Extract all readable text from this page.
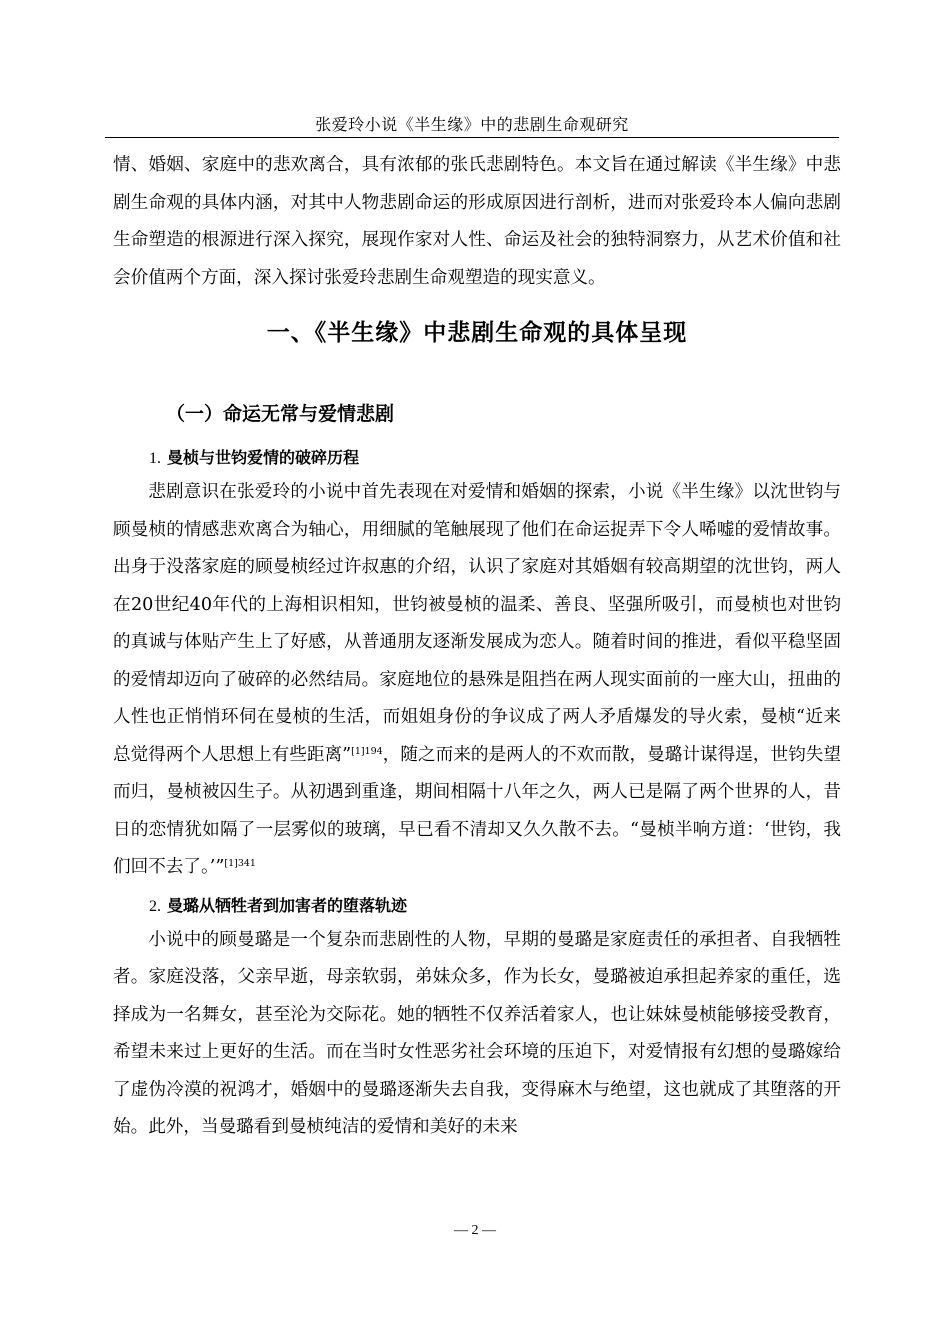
张爱玲小说《半生缘》中的悲剧生命观研究

情、婚姻、家庭中的悲欢离合，具有浓郁的张氏悲剧特色。本文旨在通过解读《半生缘》中悲剧生命观的具体内涵，对其中人物悲剧命运的形成原因进行剖析，进而对张爱玲本人偏向悲剧生命塑造的根源进行深入探究，展现作家对人性、命运及社会的独特洞察力，从艺术价值和社会价值两个方面，深入探讨张爱玲悲剧生命观塑造的现实意义。

一、《半生缘》中悲剧生命观的具体呈现
（一）命运无常与爱情悲剧
1. 曼桢与世钧爱情的破碎历程

悲剧意识在张爱玲的小说中首先表现在对爱情和婚姻的探索，小说《半生缘》以沈世钧与顾曼桢的情感悲欢离合为轴心，用细腻的笔触展现了他们在命运捉弄下令人唏嘘的爱情故事。出身于没落家庭的顾曼桢经过许叔惠的介绍，认识了家庭对其婚姻有较高期望的沈世钧，两人在20世纪40年代的上海相识相知，世钧被曼桢的温柔、善良、坚强所吸引，而曼桢也对世钧的真诚与体贴产生上了好感，从普通朋友逐渐发展成为恋人。随着时间的推进，看似平稳坚固的爱情却迈向了破碎的必然结局。家庭地位的悬殊是阻挡在两人现实面前的一座大山，扭曲的人性也正悄悄环伺在曼桢的生活，而姐姐身份的争议成了两人矛盾爆发的导火索，曼桢“近来总觉得两个人思想上有些距离”$^{[1]194}$，随之而来的是两人的不欢而散，曼璐计谋得逞，世钧失望而归，曼桢被囚生子。从初遇到重逢，期间相隔十八年之久，两人已是隔了两个世界的人，昔日的恋情犹如隔了一层雾似的玻璃，早已看不清却又久久散不去。“曼桢半响方道：‘世钧，我们回不去了。’”$^{[1]341}$

2. 曼璐从牺牲者到加害者的堕落轨迹

小说中的顾曼璐是一个复杂而悲剧性的人物，早期的曼璐是家庭责任的承担者、自我牺牲者。家庭没落，父亲早逝，母亲软弱，弟妹众多，作为长女，曼璐被迫承担起养家的重任，选择成为一名舞女，甚至沦为交际花。她的牺牲不仅养活着家人，也让妹妹曼桢能够接受教育，希望未来过上更好的生活。而在当时女性恶劣社会环境的压迫下，对爱情报有幻想的曼璐嫁给了虚伪冷漠的祝鸿才，婚姻中的曼璐逐渐失去自我，变得麻木与绝望，这也就成了其堕落的开始。此外，当曼璐看到曼桢纯洁的爱情和美好的未来

— 2 —
